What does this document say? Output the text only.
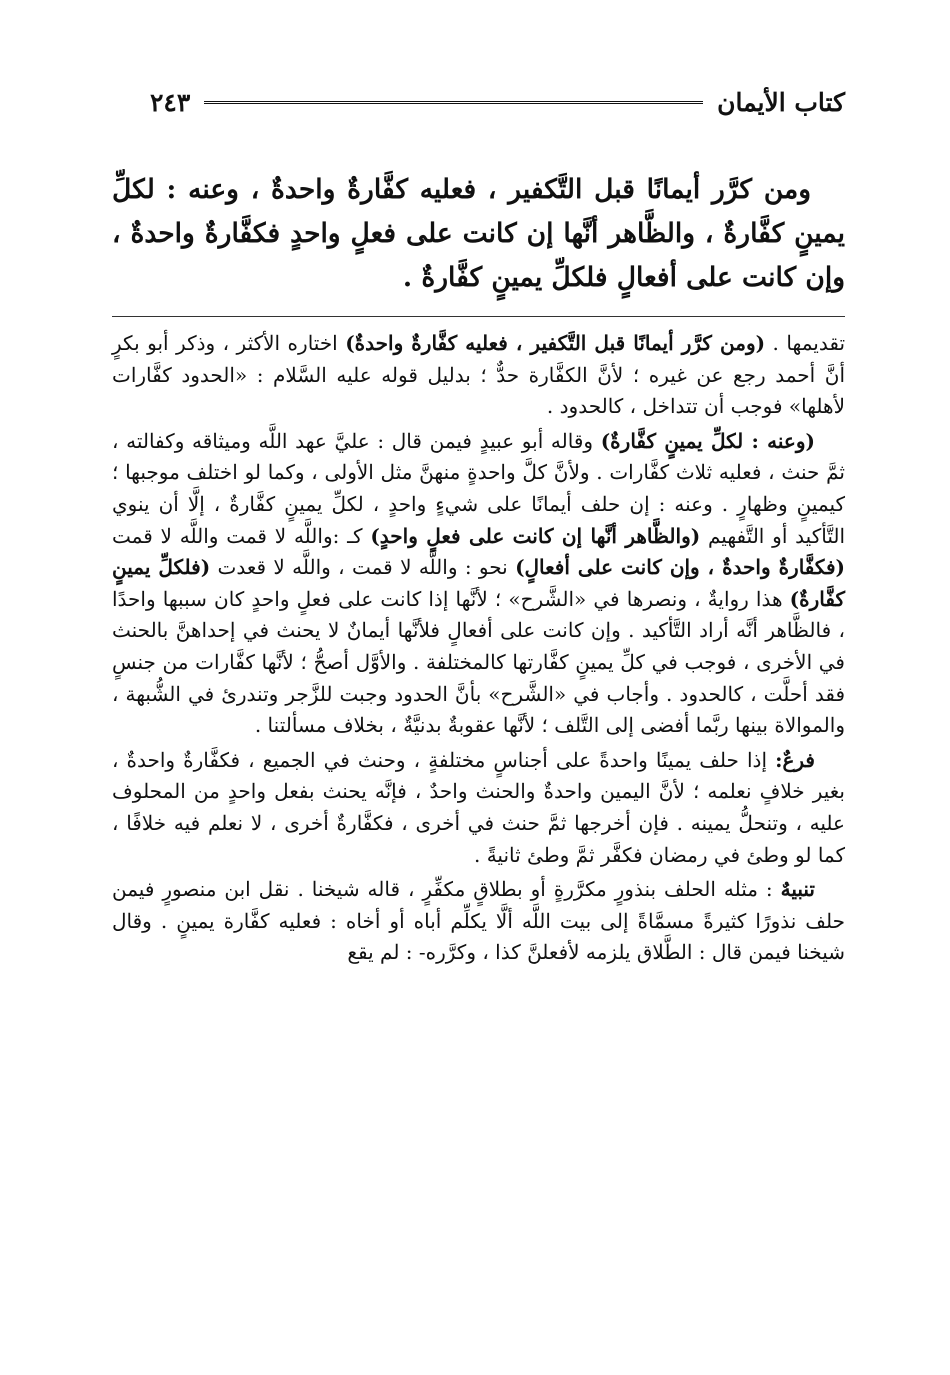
كتاب الأيمان
٢٤٣

ومن كرَّر أيمانًا قبل التَّكفير ، فعليه كفَّارةٌ واحدةٌ ، وعنه : لكلِّ يمينٍ كفَّارةٌ ، والظَّاهر أنَّها إن كانت على فعلٍ واحدٍ فكفَّارةٌ واحدةٌ ، وإن كانت على أفعالٍ فلكلِّ يمينٍ كفَّارةٌ .

تقديمها . (ومن كرَّر أيمانًا قبل التَّكفير ، فعليه كفَّارةٌ واحدةٌ) اختاره الأكثر ، وذكر أبو بكرٍ أنَّ أحمد رجع عن غيره ؛ لأنَّ الكفَّارة حدٌّ ؛ بدليل قوله عليه السَّلام : «الحدود كفَّارات لأهلها» فوجب أن تتداخل ، كالحدود .

(وعنه : لكلِّ يمينٍ كفَّارةٌ) وقاله أبو عبيدٍ فيمن قال : عليَّ عهد اللَّه وميثاقه وكفالته ، ثمَّ حنث ، فعليه ثلاث كفَّارات . ولأنَّ كلَّ واحدةٍ منهنَّ مثل الأولى ، وكما لو اختلف موجبها ؛ كيمينٍ وظهارٍ . وعنه : إن حلف أيمانًا على شيءٍ واحدٍ ، لكلِّ يمينٍ كفَّارةٌ ، إلَّا أن ينوي التَّأكيد أو التَّفهيم (والظَّاهر أنَّها إن كانت على فعلٍ واحدٍ) كـ :واللَّه لا قمت واللَّه لا قمت (فكفَّارةٌ واحدةٌ ، وإن كانت على أفعالٍ) نحو : واللَّه لا قمت ، واللَّه لا قعدت (فلكلِّ يمينٍ كفَّارةٌ) هذا روايةٌ ، ونصرها في «الشَّرح» ؛ لأنَّها إذا كانت على فعلٍ واحدٍ كان سببها واحدًا ، فالظَّاهر أنَّه أراد التَّأكيد . وإن كانت على أفعالٍ فلأنَّها أيمانٌ لا يحنث في إحداهنَّ بالحنث في الأخرى ، فوجب في كلِّ يمينٍ كفَّارتها كالمختلفة . والأوَّل أصحُّ ؛ لأنَّها كفَّارات من جنسٍ فقد أحلَّت ، كالحدود . وأجاب في «الشَّرح» بأنَّ الحدود وجبت للزَّجر وتندرئ في الشُّبهة ، والموالاة بينها ربَّما أفضى إلى التَّلف ؛ لأنَّها عقوبةٌ بدنيَّةٌ ، بخلاف مسألتنا .

فرعٌ: إذا حلف يمينًا واحدةً على أجناسٍ مختلفةٍ ، وحنث في الجميع ، فكفَّارةٌ واحدةٌ ، بغير خلافٍ نعلمه ؛ لأنَّ اليمين واحدةٌ والحنث واحدٌ ، فإنَّه يحنث بفعل واحدٍ من المحلوف عليه ، وتنحلُّ يمينه . فإن أخرجها ثمَّ حنث في أخرى ، فكفَّارةٌ أخرى ، لا نعلم فيه خلافًا ، كما لو وطئ في رمضان فكفَّر ثمَّ وطئ ثانيةً .

تنبيهٌ : مثله الحلف بنذورٍ مكرَّرةٍ أو بطلاقٍ مكفِّرٍ ، قاله شيخنا . نقل ابن منصورٍ فيمن حلف نذورًا كثيرةً مسمَّاةً إلى بيت اللَّه ألَّا يكلِّم أباه أو أخاه : فعليه كفَّارة يمينٍ . وقال شيخنا فيمن قال : الطَّلاق يلزمه لأفعلنَّ كذا ، وكرَّره- : لم يقع
